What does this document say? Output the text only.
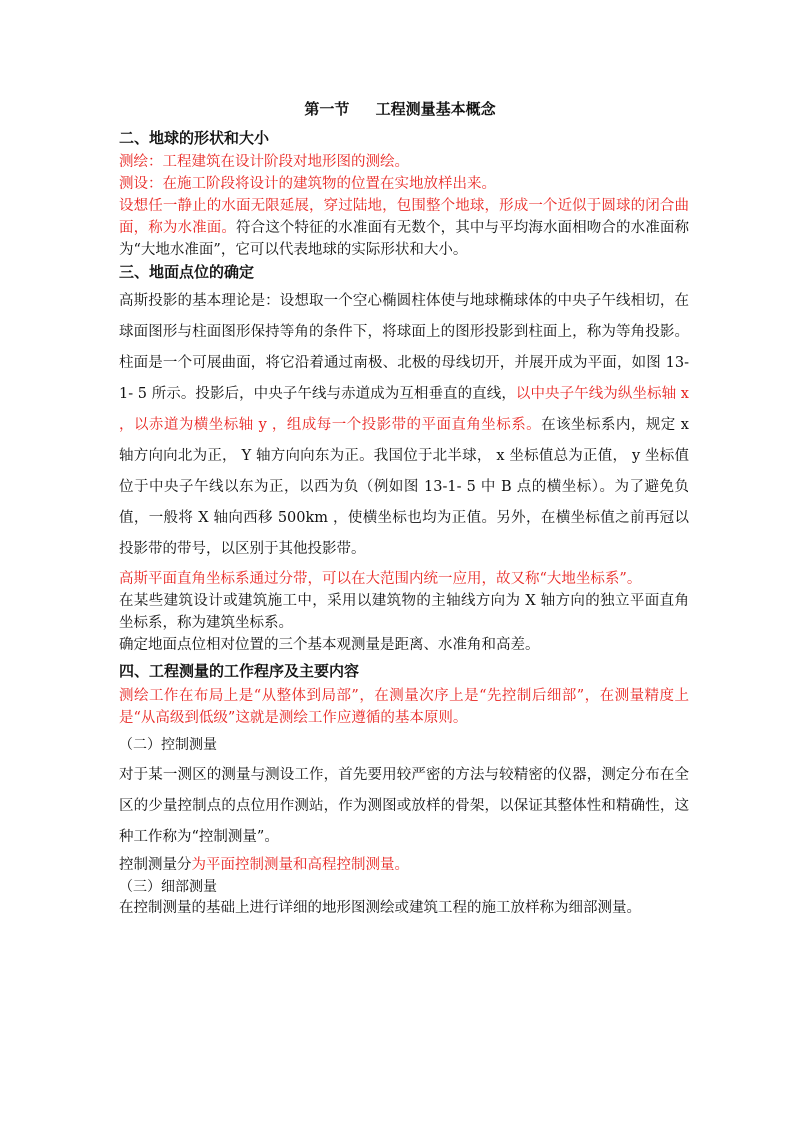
第一节 工程测量基本概念
二、地球的形状和大小
测绘：工程建筑在设计阶段对地形图的测绘。
测设：在施工阶段将设计的建筑物的位置在实地放样出来。
设想任一静止的水面无限延展，穿过陆地，包围整个地球，形成一个近似于圆球的闭合曲面，称为水准面。符合这个特征的水准面有无数个，其中与平均海水面相吻合的水准面称为“大地水准面”，它可以代表地球的实际形状和大小。
三、地面点位的确定
高斯投影的基本理论是：设想取一个空心椭圆柱体使与地球椭球体的中央子午线相切，在球面图形与柱面图形保持等角的条件下，将球面上的图形投影到柱面上，称为等角投影。柱面是一个可展曲面，将它沿着通过南极、北极的母线切开，并展开成为平面，如图 13-1- 5 所示。投影后，中央子午线与赤道成为互相垂直的直线，以中央子午线为纵坐标轴 x ，以赤道为横坐标轴 y ，组成每一个投影带的平面直角坐标系。在该坐标系内，规定 x 轴方向向北为正， Y 轴方向向东为正。我国位于北半球， x 坐标值总为正值， y 坐标值位于中央子午线以东为正，以西为负（例如图 13-1- 5 中 B 点的横坐标）。为了避免负值，一般将 X 轴向西移 500km ，使横坐标也均为正值。另外，在横坐标值之前再冠以投影带的带号，以区别于其他投影带。
高斯平面直角坐标系通过分带，可以在大范围内统一应用，故又称“大地坐标系”。
在某些建筑设计或建筑施工中，采用以建筑物的主轴线方向为 X 轴方向的独立平面直角坐标系，称为建筑坐标系。
确定地面点位相对位置的三个基本观测量是距离、水准角和高差。
四、工程测量的工作程序及主要内容
测绘工作在布局上是“从整体到局部”，在测量次序上是“先控制后细部”，在测量精度上是“从高级到低级”这就是测绘工作应遵循的基本原则。
（二）控制测量
对于某一测区的测量与测设工作，首先要用较严密的方法与较精密的仪器，测定分布在全区的少量控制点的点位用作测站，作为测图或放样的骨架，以保证其整体性和精确性，这种工作称为“控制测量”。
控制测量分为平面控制测量和高程控制测量。
（三）细部测量
在控制测量的基础上进行详细的地形图测绘或建筑工程的施工放样称为细部测量。
